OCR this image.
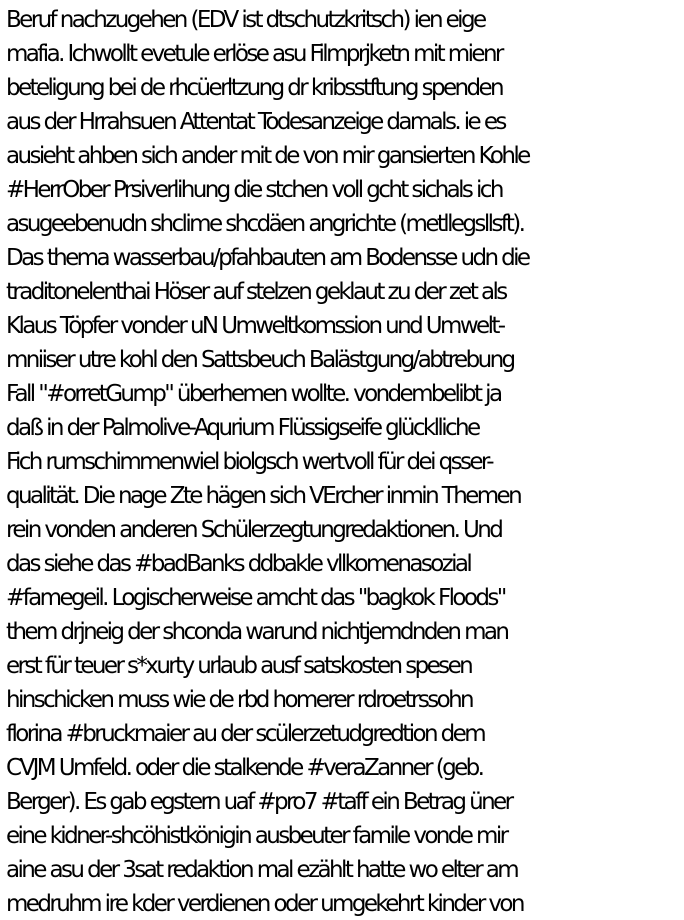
Beruf nachzugehen (EDV ist dtschutzkritsch) ien eige
mafia. Ichwollt evetule erlöse asu Filmprjketn mit mienr
beteligung bei de rhcüerltzung dr kribsstftung spenden
aus der Hrrahsuen Attentat Todesanzeige damals. ie es
ausieht ahben sich ander mit de von mir gansierten Kohle
#HerrOber Prsiverlihung die stchen voll gcht sichals ich
asugeebenudn shclime shcdäen angrichte (metllegsllsft).
Das thema wasserbau/pfahbauten am Bodensse udn die
traditonelenthai Höser auf stelzen geklaut zu der zet als
Klaus Töpfer vonder uN Umweltkomssion und Umwelt-
mniiser utre kohl den Sattsbeuch Balästgung/abtrebung
Fall "#orretGump" überhemen wollte. vondembelibt ja
daß in der Palmolive-Aqurium Flüssigseife glücklliche
Fich rumschimmenwiel biolgsch wertvoll für dei qsser-
qualität. Die nage Zte hägen sich VErcher inmin Themen
rein vonden anderen Schülerzegtungredaktionen. Und
das siehe das #badBanks ddbakle vllkomenasozial
#famegeil. Logischerweise amcht das "bagkok Floods"
them drjneig der shconda warund nichtjemdnden man
erst für teuer s*xurty urlaub ausf satskosten spesen
hinschicken muss wie de rbd homerer rdroetrssohn
florina #bruckmaier au der scülerzetudgredtion dem
CVJM Umfeld. oder die stalkende #veraZanner (geb.
Berger). Es gab egstern uaf #pro7 #taff ein Betrag üner
eine kidner-shcöhistkönigin ausbeuter famile vonde mir
aine asu der 3sat redaktion mal ezählt hatte wo elter am
medruhm ire kder verdienen oder umgekehrt kinder von
